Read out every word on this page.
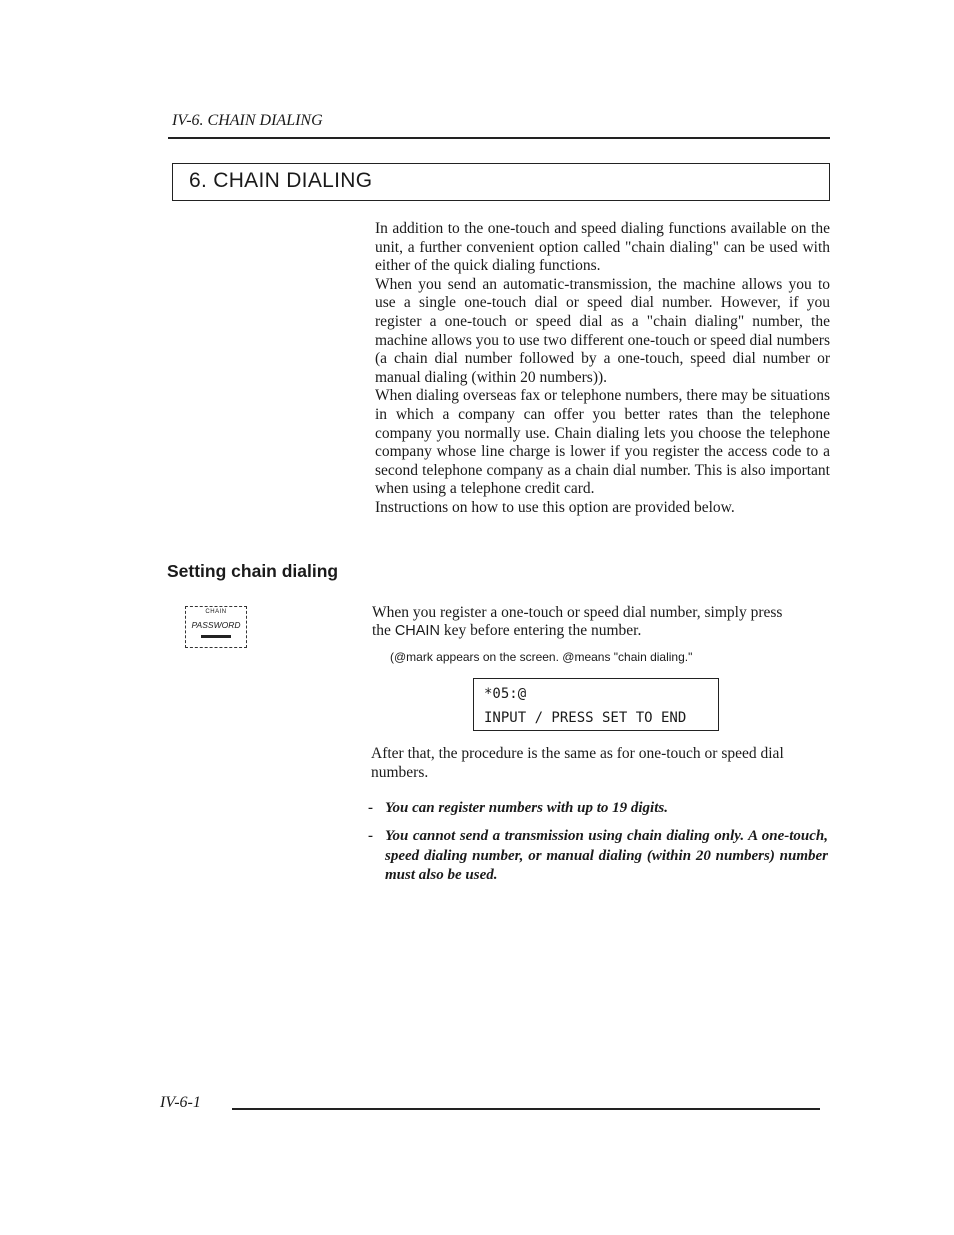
IV-6. CHAIN DIALING
6. CHAIN DIALING

In addition to the one-touch and speed dialing functions available on the unit, a further convenient option called "chain dialing" can be used with either of the quick dialing functions.

When you send an automatic-transmission, the machine allows you to use a single one-touch dial or speed dial number. However, if you register a one-touch or speed dial as a "chain dialing" number, the machine allows you to use two different one-touch or speed dial numbers (a chain dial number followed by a one-touch, speed dial number or manual dialing (within 20 numbers)).

When dialing overseas fax or telephone numbers, there may be situations in which a company can offer you better rates than the telephone company you normally use. Chain dialing lets you choose the telephone company whose line charge is lower if you register the access code to a second telephone company as a chain dial number. This is also important when using a telephone credit card.

Instructions on how to use this option are provided below.

Setting chain dialing
CHAIN
PASSWORD

When you register a one-touch or speed dial number, simply press

the CHAIN key before entering the number.

(@mark appears on the screen. @means "chain dialing."
*05:@
INPUT / PRESS SET TO END
After that, the procedure is the same as for one-touch or speed dial numbers.
- You can register numbers with up to 19 digits.
- You cannot send a transmission using chain dialing only. A one-touch, speed dialing number, or manual dialing (within 20 numbers) number must also be used.
IV-6-1
